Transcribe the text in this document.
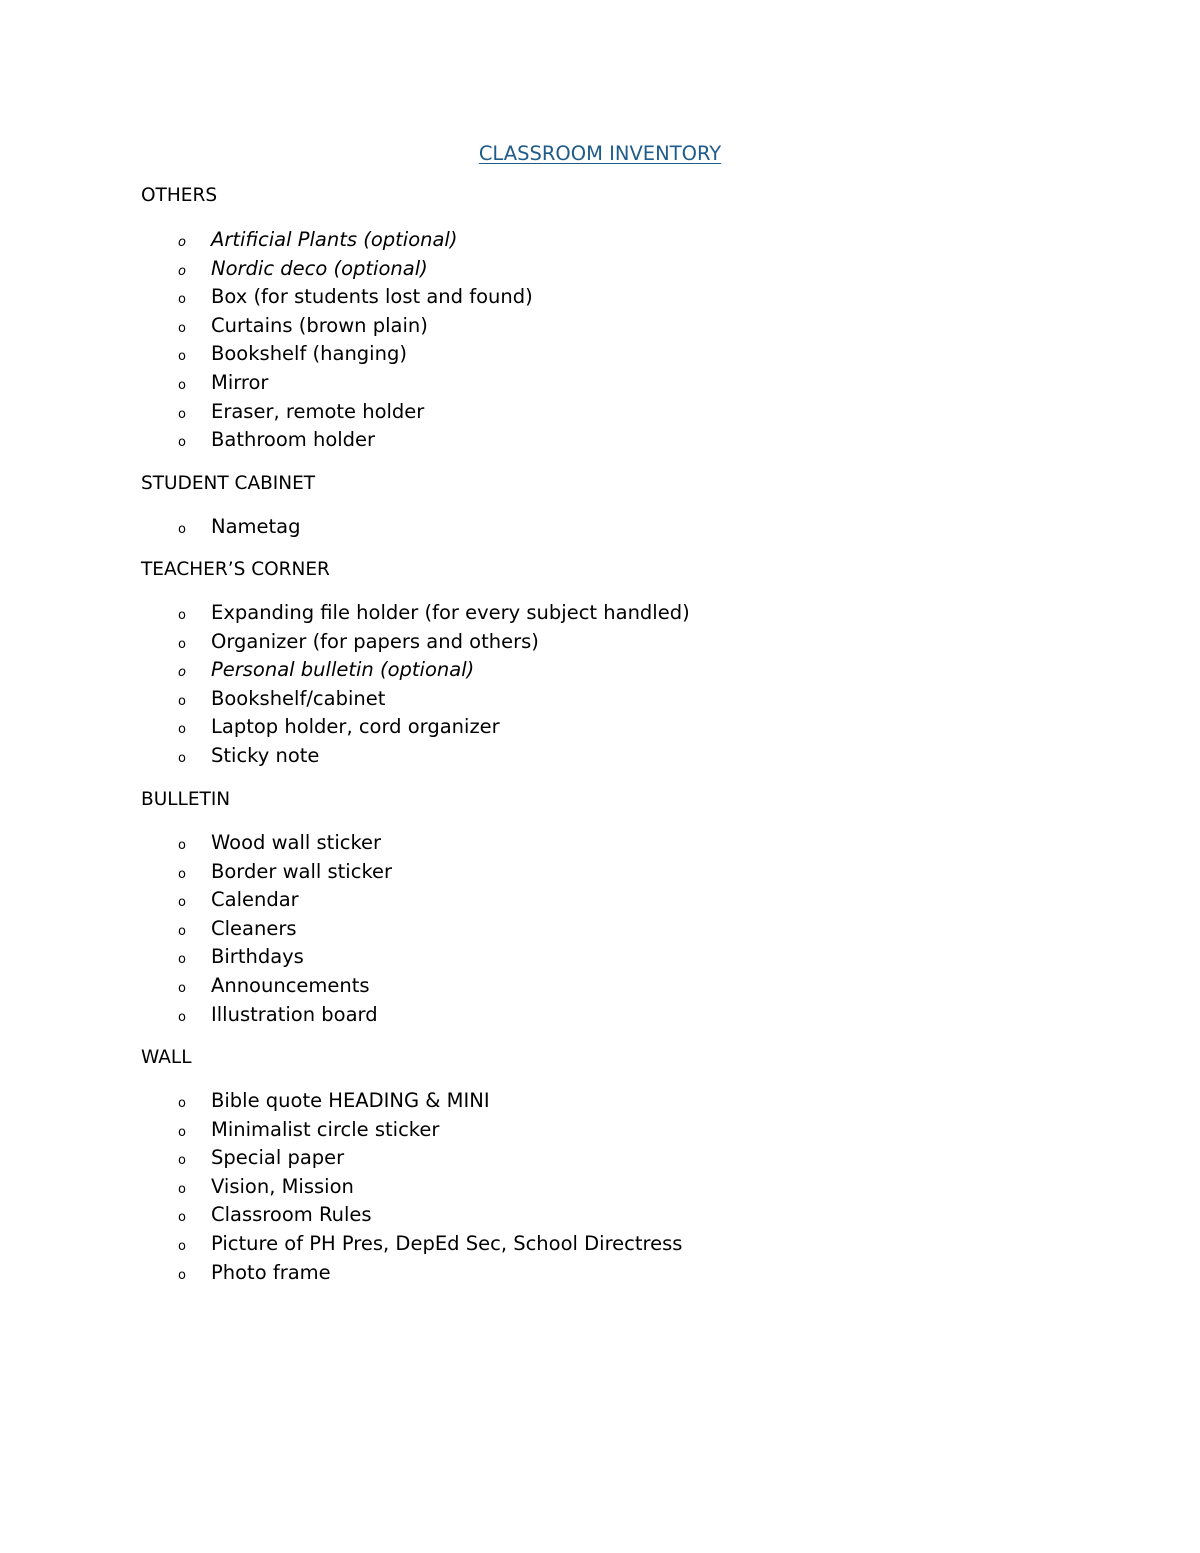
CLASSROOM INVENTORY
OTHERS
o Artificial Plants (optional)
o Nordic deco (optional)
o Box (for students lost and found)
o Curtains (brown plain)
o Bookshelf (hanging)
o Mirror
o Eraser, remote holder
o Bathroom holder
STUDENT CABINET
o Nametag
TEACHER’S CORNER
o Expanding file holder (for every subject handled)
o Organizer (for papers and others)
o Personal bulletin (optional)
o Bookshelf/cabinet
o Laptop holder, cord organizer
o Sticky note
BULLETIN
o Wood wall sticker
o Border wall sticker
o Calendar
o Cleaners
o Birthdays
o Announcements
o Illustration board
WALL
o Bible quote HEADING & MINI
o Minimalist circle sticker
o Special paper
o Vision, Mission
o Classroom Rules
o Picture of PH Pres, DepEd Sec, School Directress
o Photo frame
